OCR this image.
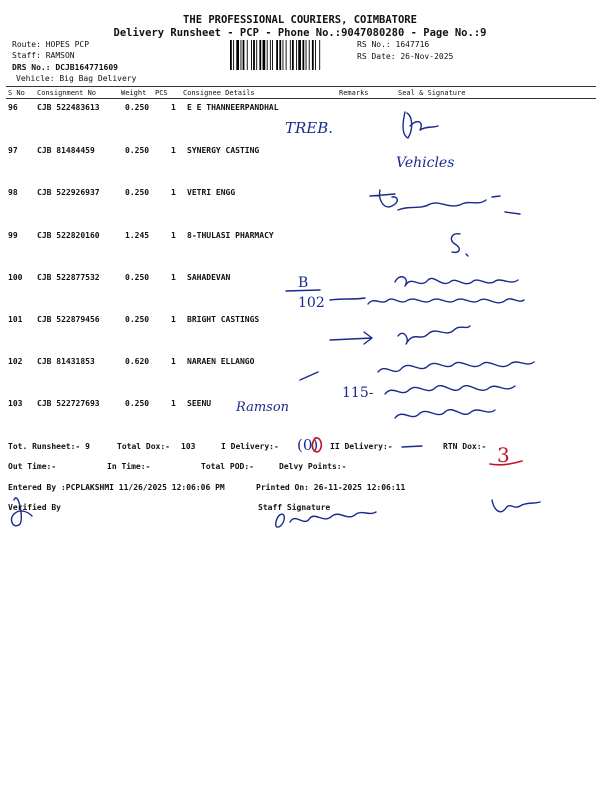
THE PROFESSIONAL COURIERS, COIMBATORE
Delivery Runsheet - PCP - Phone No.:9047080280 - Page No.:9
Route: HOPES PCP
Staff: RAMSON
DRS No.: DCJB164771609
Vehicle: Big Bag Delivery
RS No.: 1647716
RS Date: 26-Nov-2025
S No Consignment No	Weight PCS Consignee Details	Remarks	Seal & Signature
96 CJB 522483613	0.250	1 E E THANNEERPANDHAL
97 CJB 81484459	0.250	1 SYNERGY CASTING
98 CJB 522926937	0.250	1 VETRI ENGG
99 CJB 522820160	1.245	1 8-THULASI PHARMACY
100 CJB 522877532	0.250	1 SAHADEVAN
101 CJB 522879456	0.250	1 BRIGHT CASTINGS
102 CJB 81431853	0.620	1 NARAEN ELLANGO
103 CJB 522727693	0.250	1 SEENU
TREB.
Vehicles
B
102
115-
Ramson
(0)	3
Tot. Runsheet:- 9	Total Dox:- 103	I Delivery:-	II Delivery:-	RTN Dox:-
Out Time:-	In Time:-	Total POD:-	Delvy Points:-
Entered By :PCPLAKSHMI 11/26/2025 12:06:06 PM	Printed On: 26-11-2025 12:06:11
Verified By	Staff Signature
